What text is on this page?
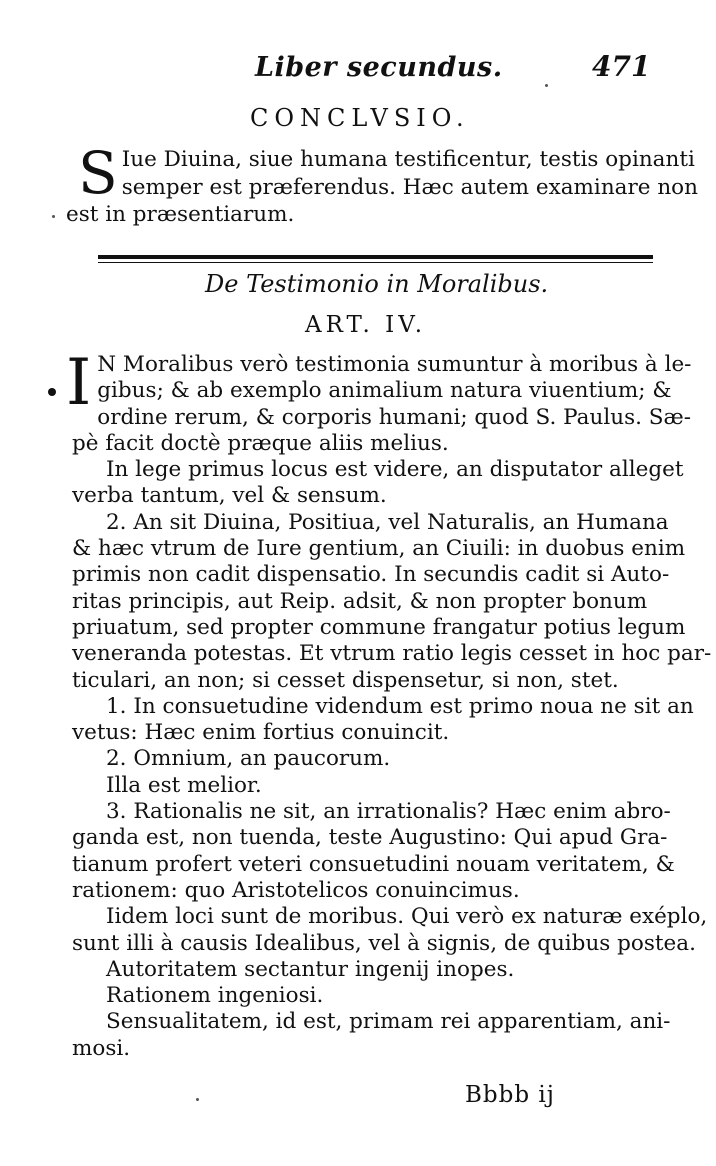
Liber secundus.	471
CONCLVSIO.
S Iue Diuina, siue humana testificentur, testis opinanti
semper est præferendus. Hæc autem examinare non
est in præsentiarum.
De Testimonio in Moralibus.
ART. IV.
I N Moralibus verò testimonia sumuntur à moribus à le-
gibus; & ab exemplo animalium natura viuentium; &
ordine rerum, & corporis humani; quod S. Paulus. Sæ-
pè facit doctè præque aliis melius.
In lege primus locus est videre, an disputator alleget
verba tantum, vel & sensum.
2. An sit Diuina, Positiua, vel Naturalis, an Humana
& hæc vtrum de Iure gentium, an Ciuili: in duobus enim
primis non cadit dispensatio. In secundis cadit si Auto-
ritas principis, aut Reip. adsit, & non propter bonum
priuatum, sed propter commune frangatur potius legum
veneranda potestas. Et vtrum ratio legis cesset in hoc par-
ticulari, an non; si cesset dispensetur, si non, stet.
1. In consuetudine videndum est primo noua ne sit an
vetus: Hæc enim fortius conuincit.
2. Omnium, an paucorum.
Illa est melior.
3. Rationalis ne sit, an irrationalis? Hæc enim abro-
ganda est, non tuenda, teste Augustino: Qui apud Gra-
tianum profert veteri consuetudini nouam veritatem, &
rationem: quo Aristotelicos conuincimus.
Iidem loci sunt de moribus. Qui verò ex naturæ exéplo,
sunt illi à causis Idealibus, vel à signis, de quibus postea.
Autoritatem sectantur ingenij inopes.
Rationem ingeniosi.
Sensualitatem, id est, primam rei apparentiam, ani-
mosi.
Bbbb ij
